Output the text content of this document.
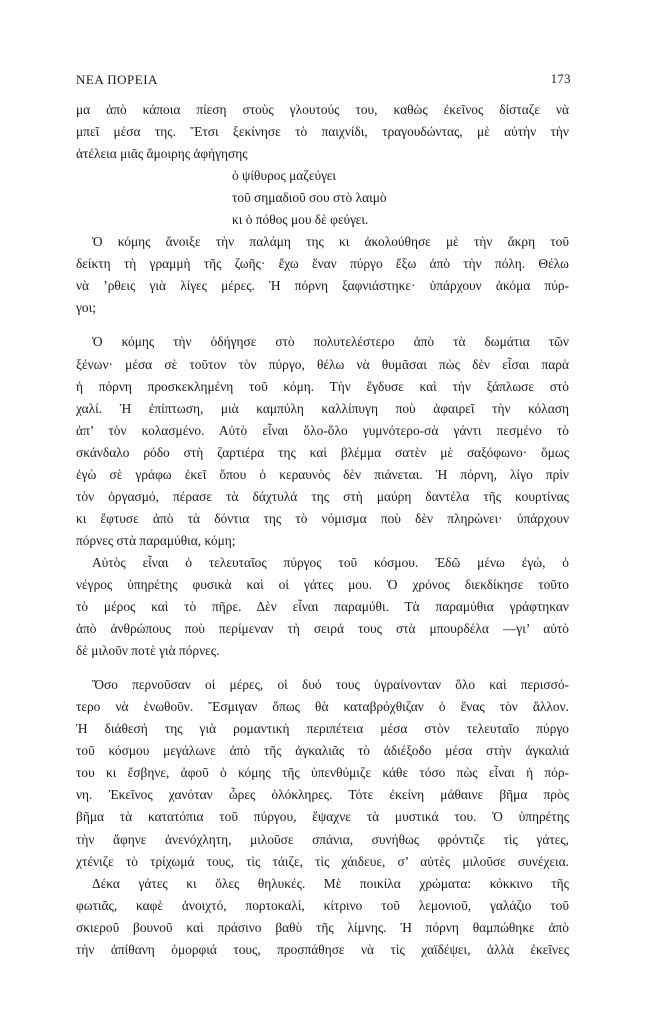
ΝΕΑ ΠΟΡΕΙΑ	173
μα ἀπὸ κάποια πίεση στοὺς γλουτούς του, καθὼς ἐκεῖνος δίσταζε νὰ
μπεῖ μέσα της. Ἔτσι ξεκίνησε τὸ παιχνίδι, τραγουδώντας, μὲ αὐτὴν τὴν
ἀτέλεια μιᾶς ἄμοιρης ἀφήγησης
ὁ ψίθυρος μαζεύγει
τοῦ σημαδιοῦ σου στὸ λαιμὸ
κι ὁ πόθος μου δὲ φεύγει.
Ὁ κόμης ἄνοιξε τὴν παλάμη της κι ἀκολούθησε μὲ τὴν ἄκρη τοῦ
δείκτη τὴ γραμμὴ τῆς ζωῆς· ἔχω ἕναν πύργο ἔξω ἀπὸ τὴν πόλη. Θέλω
νὰ ’ρθεις γιὰ λίγες μέρες. Ἡ πόρνη ξαφνιάστηκε· ὑπάρχουν ἀκόμα πύρ-
γοι;
Ὁ κόμης τὴν ὁδήγησε στὸ πολυτελέστερο ἀπὸ τὰ δωμάτια τῶν
ξένων· μέσα σὲ τοῦτον τὸν πύργο, θέλω νὰ θυμᾶσαι πὼς δὲν εἶσαι παρὰ
ἡ πόρνη προσκεκλημένη τοῦ κόμη. Τὴν ἔγδυσε καὶ τὴν ξάπλωσε στὸ
χαλί. Ἡ ἐπίπτωση, μιὰ καμπύλη καλλίπυγη ποὺ ἀφαιρεῖ τὴν κόλαση
ἀπ’ τὸν κολασμένο. Αὐτὸ εἶναι ὅλο-ὅλο γυμνότερο-σὰ γάντι πεσμένο τὸ
σκάνδαλο ρόδο στὴ ζαρτιέρα της καὶ βλέμμα σατὲν μὲ σαξόφωνο· ὅμως
ἐγὼ σὲ γράφω ἐκεῖ ὅπου ὁ κεραυνὸς δὲν πιάνεται. Ἡ πόρνη, λίγο πρὶν
τὸν ὀργασμό, πέρασε τὰ δάχτυλά της στὴ μαύρη δαντέλα τῆς κουρτίνας
κι ἔφτυσε ἀπὸ τὰ δόντια της τὸ νόμισμα ποὺ δὲν πληρώνει· ὑπάρχουν
πόρνες στὰ παραμύθια, κόμη;
Αὐτὸς εἶναι ὁ τελευταῖος πύργος τοῦ κόσμου. Ἐδῶ μένω ἐγώ, ὁ
νέγρος ὑπηρέτης φυσικὰ καὶ οἱ γάτες μου. Ὁ χρόνος διεκδίκησε τοῦτο
τὸ μέρος καὶ τὸ πῆρε. Δὲν εἶναι παραμύθι. Τὰ παραμύθια γράφτηκαν
ἀπὸ ἀνθρώπους ποὺ περίμεναν τὴ σειρά τους στὰ μπουρδέλα —γι’ αὐτὸ
δὲ μιλοῦν ποτὲ γιὰ πόρνες.
Ὅσο περνοῦσαν οἱ μέρες, οἱ δυό τους ὑγραίνονταν ὅλο καὶ περισσό-
τερο νὰ ἑνωθοῦν. Ἔσμιγαν ὅπως θὰ καταβρόχθιζαν ὁ ἕνας τὸν ἄλλον.
Ἡ διάθεσή της γιὰ ρομαντικὴ περιπέτεια μέσα στὸν τελευταῖο πύργο
τοῦ κόσμου μεγάλωνε ἀπὸ τῆς ἀγκαλιᾶς τὸ ἀδιέξοδο μέσα στὴν ἀγκαλιά
του κι ἔσβηνε, ἀφοῦ ὁ κόμης τῆς ὑπενθύμιζε κάθε τόσο πὼς εἶναι ἡ πόρ-
νη. Ἐκεῖνος χανόταν ὧρες ὁλόκληρες. Τότε ἐκείνη μάθαινε βῆμα πρὸς
βῆμα τὰ κατατόπια τοῦ πύργου, ἔψαχνε τὰ μυστικά του. Ὁ ὑπηρέτης
τὴν ἄφηνε ἀνενόχλητη, μιλοῦσε σπάνια, συνήθως φρόντιζε τὶς γάτες,
χτένιζε τὸ τρίχωμά τους, τὶς τάιζε, τὶς χάιδευε, σ’ αὐτὲς μιλοῦσε συνέχεια.
Δέκα γάτες κι ὅλες θηλυκές. Μὲ ποικίλα χρώματα: κόκκινο τῆς
φωτιᾶς, καφὲ ἀνοιχτό, πορτοκαλί, κίτρινο τοῦ λεμονιοῦ, γαλάζιο τοῦ
σκιεροῦ βουνοῦ καὶ πράσινο βαθὺ τῆς λίμνης. Ἡ πόρνη θαμπώθηκε ἀπὸ
τὴν ἀπίθανη ὀμορφιά τους, προσπάθησε νὰ τὶς χαϊδέψει, ἀλλὰ ἐκεῖνες
